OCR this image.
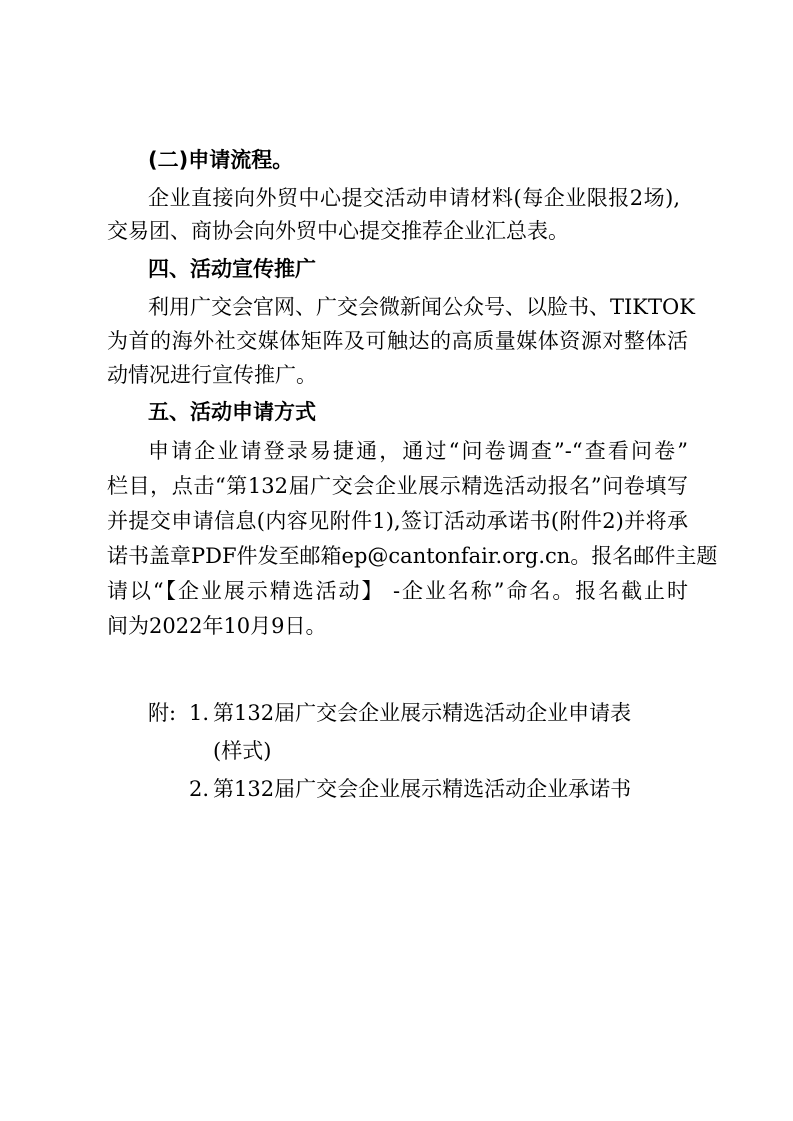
(二)申请流程。
企业直接向外贸中心提交活动申请材料(每企业限报2场),
交易团、商协会向外贸中心提交推荐企业汇总表。
四、活动宣传推广
利用广交会官网、广交会微新闻公众号、以脸书、TIKTOK
为首的海外社交媒体矩阵及可触达的高质量媒体资源对整体活
动情况进行宣传推广。
五、活动申请方式
申请企业请登录易捷通，通过“问卷调查”-“查看问卷”
栏目，点击“第132届广交会企业展示精选活动报名”问卷填写
并提交申请信息(内容见附件1),签订活动承诺书(附件2)并将承
诺书盖章PDF件发至邮箱ep@cantonfair.org.cn。报名邮件主题
请以“【企业展示精选活动】 -企业名称”命名。报名截止时
间为2022年10月9日。
附: 1. 第132届广交会企业展示精选活动企业申请表
(样式)
2. 第132届广交会企业展示精选活动企业承诺书
